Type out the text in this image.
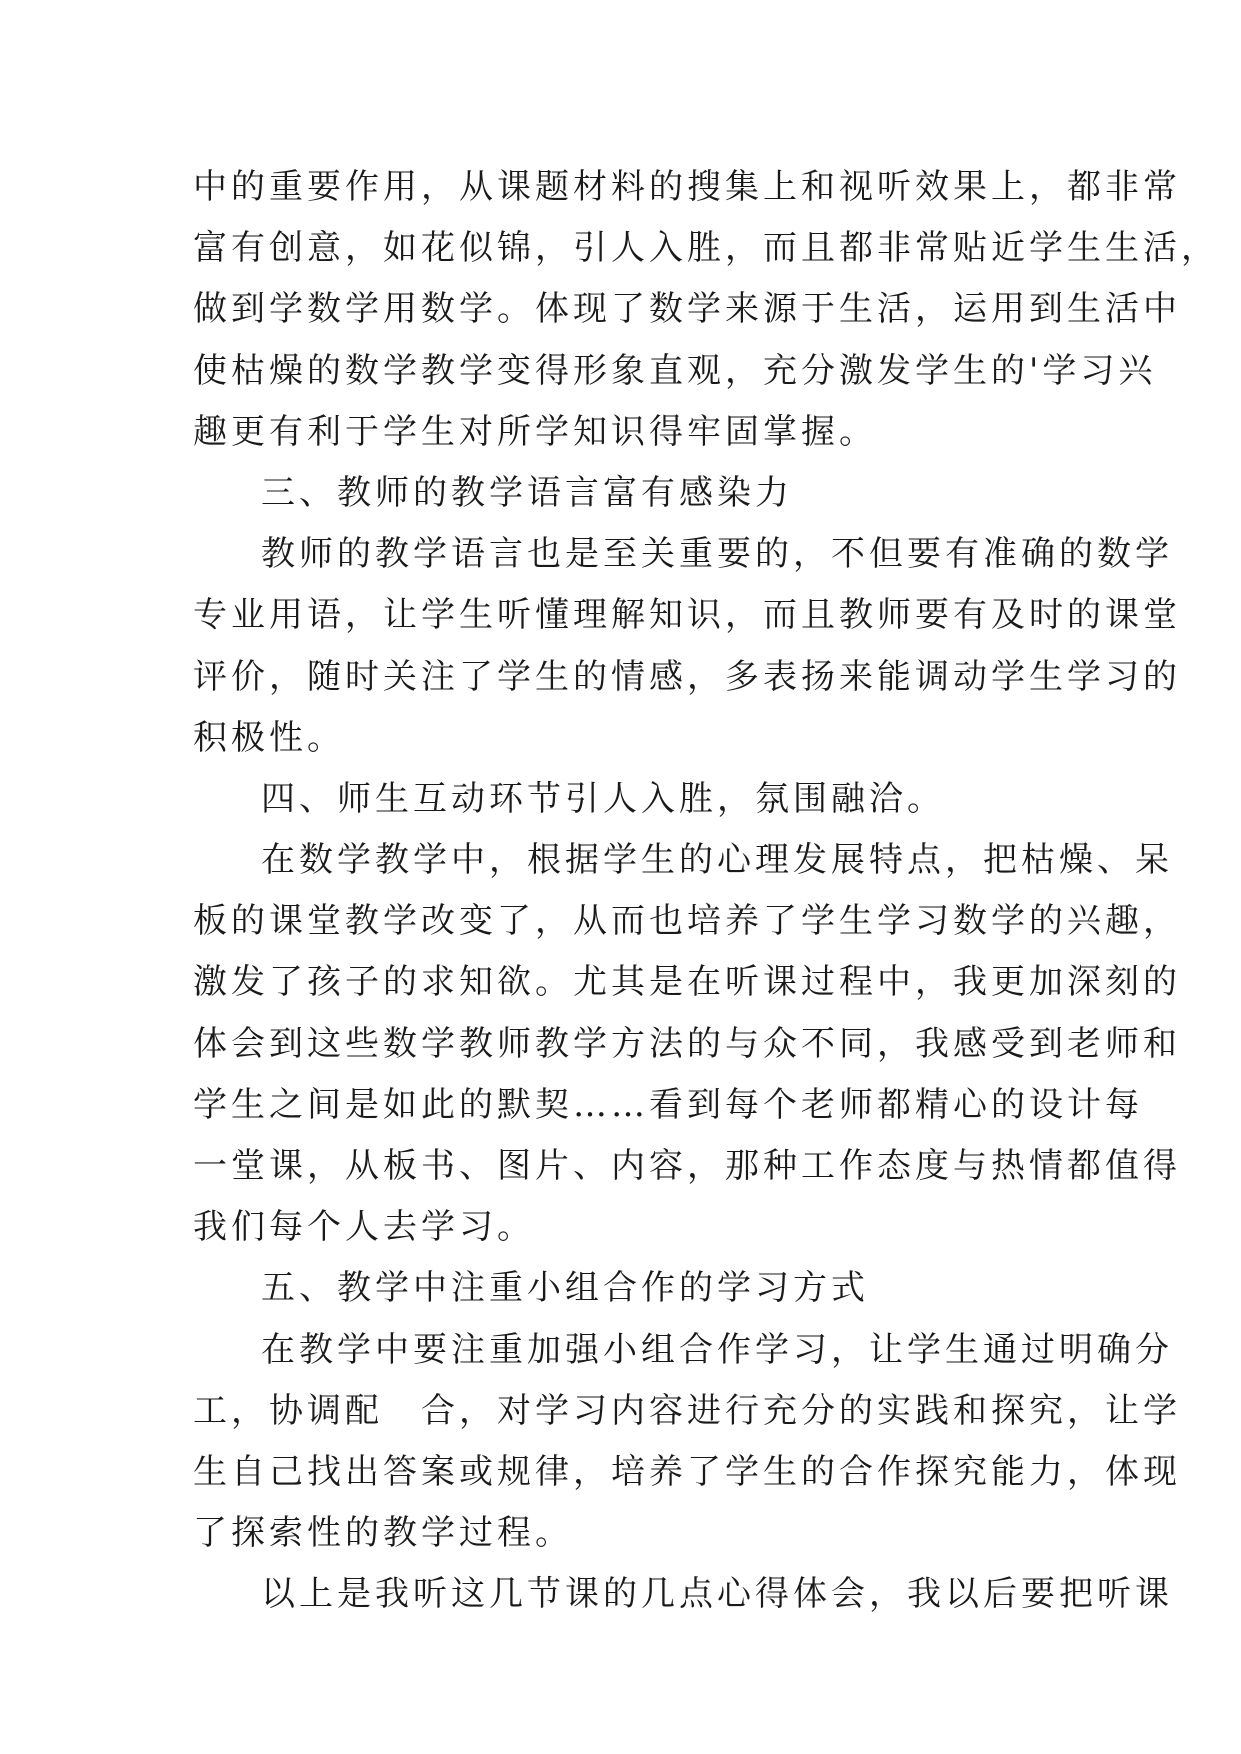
中的重要作用，从课题材料的搜集上和视听效果上，都非常
富有创意，如花似锦，引人入胜，而且都非常贴近学生生活，
做到学数学用数学。体现了数学来源于生活，运用到生活中
使枯燥的数学教学变得形象直观，充分激发学生的'学习兴
趣更有利于学生对所学知识得牢固掌握。
三、教师的教学语言富有感染力
教师的教学语言也是至关重要的，不但要有准确的数学
专业用语，让学生听懂理解知识，而且教师要有及时的课堂
评价，随时关注了学生的情感，多表扬来能调动学生学习的
积极性。
四、师生互动环节引人入胜，氛围融洽。
在数学教学中，根据学生的心理发展特点，把枯燥、呆
板的课堂教学改变了，从而也培养了学生学习数学的兴趣，
激发了孩子的求知欲。尤其是在听课过程中，我更加深刻的
体会到这些数学教师教学方法的与众不同，我感受到老师和
学生之间是如此的默契……看到每个老师都精心的设计每
一堂课，从板书、图片、内容，那种工作态度与热情都值得
我们每个人去学习。
五、教学中注重小组合作的学习方式
在教学中要注重加强小组合作学习，让学生通过明确分
工，协调配　合，对学习内容进行充分的实践和探究，让学
生自己找出答案或规律，培养了学生的合作探究能力，体现
了探索性的教学过程。
以上是我听这几节课的几点心得体会，我以后要把听课
